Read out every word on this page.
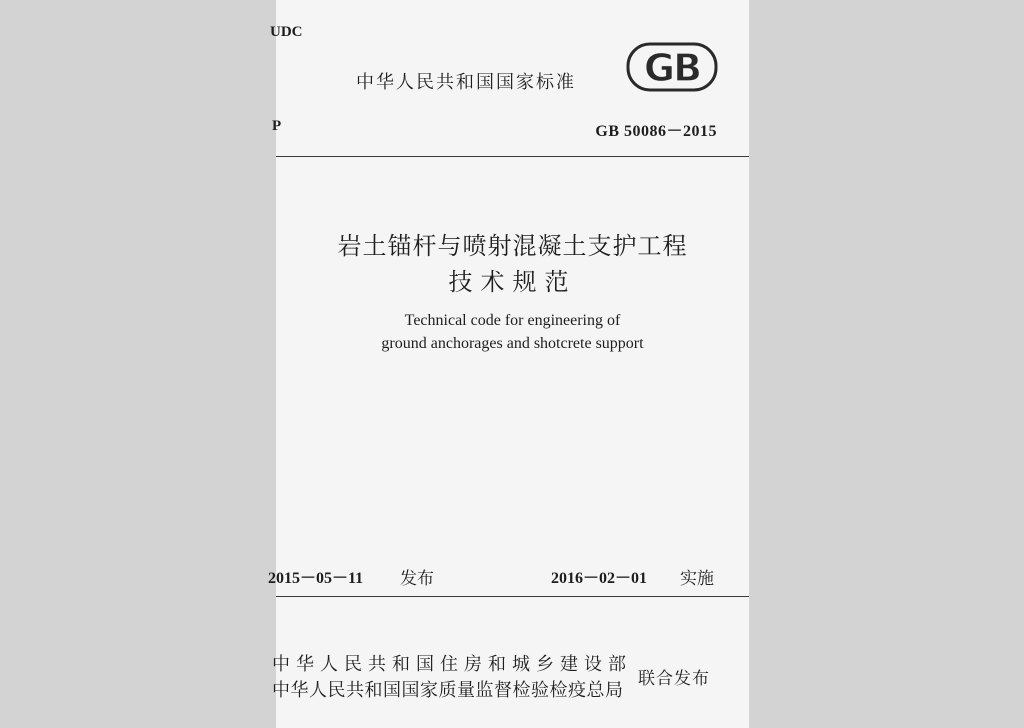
UDC
P
中华人民共和国国家标准 GB
GB 50086－2015
岩土锚杆与喷射混凝土支护工程
技术规范
Technical code for engineering of
ground anchorages and shotcrete support
2015－05－11 发布	2016－02－01 实施
中华人民共和国住房和城乡建设部
中华人民共和国国家质量监督检验检疫总局
联合发布
